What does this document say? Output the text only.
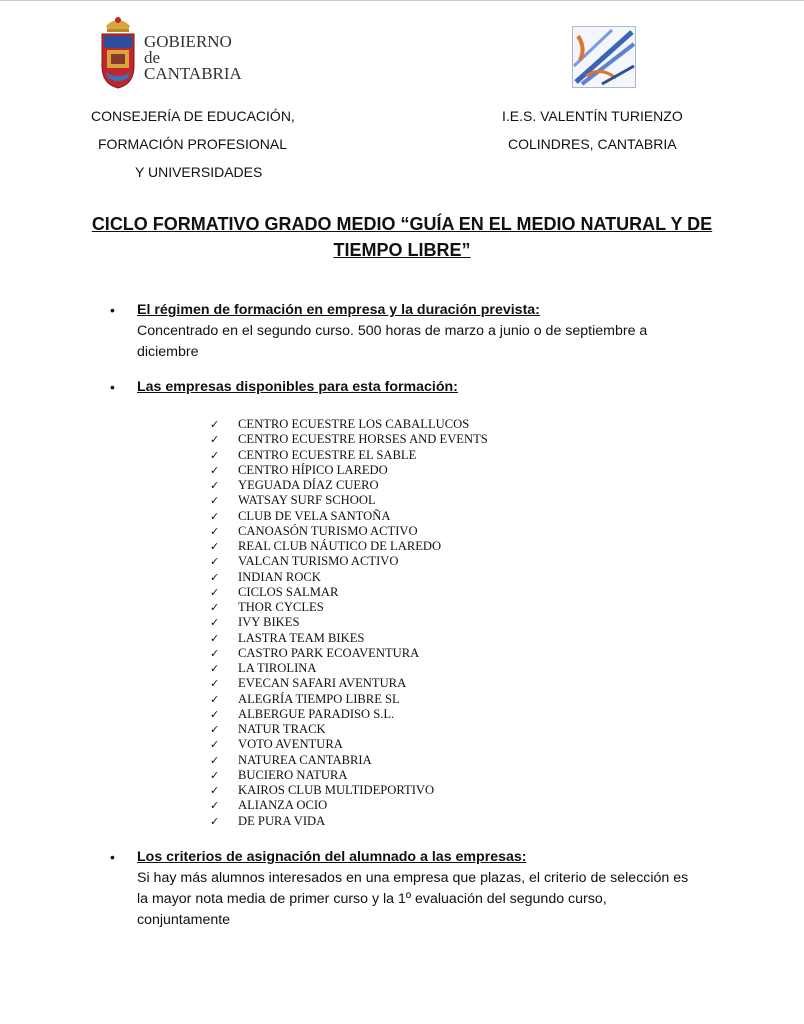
GOBIERNO
de
CANTABRIA
CONSEJERÍA DE EDUCACIÓN,
FORMACIÓN PROFESIONAL
Y UNIVERSIDADES
I.E.S. VALENTÍN TURIENZO
COLINDRES, CANTABRIA
CICLO FORMATIVO GRADO MEDIO “GUÍA EN EL MEDIO NATURAL Y DE
TIEMPO LIBRE”
• El régimen de formación en empresa y la duración prevista:
Concentrado en el segundo curso. 500 horas de marzo a junio o de septiembre a diciembre
• Las empresas disponibles para esta formación:
✓ CENTRO ECUESTRE LOS CABALLUCOS
✓ CENTRO ECUESTRE HORSES AND EVENTS
✓ CENTRO ECUESTRE EL SABLE
✓ CENTRO HÍPICO LAREDO
✓ YEGUADA DÍAZ CUERO
✓ WATSAY SURF SCHOOL
✓ CLUB DE VELA SANTOÑA
✓ CANOASÓN TURISMO ACTIVO
✓ REAL CLUB NÁUTICO DE LAREDO
✓ VALCAN TURISMO ACTIVO
✓ INDIAN ROCK
✓ CICLOS SALMAR
✓ THOR CYCLES
✓ IVY BIKES
✓ LASTRA TEAM BIKES
✓ CASTRO PARK ECOAVENTURA
✓ LA TIROLINA
✓ EVECAN SAFARI AVENTURA
✓ ALEGRÍA TIEMPO LIBRE SL
✓ ALBERGUE PARADISO S.L.
✓ NATUR TRACK
✓ VOTO AVENTURA
✓ NATUREA CANTABRIA
✓ BUCIERO NATURA
✓ KAIROS CLUB MULTIDEPORTIVO
✓ ALIANZA OCIO
✓ DE PURA VIDA
• Los criterios de asignación del alumnado a las empresas:
Si hay más alumnos interesados en una empresa que plazas, el criterio de selección es la mayor nota media de primer curso y la 1º evaluación del segundo curso, conjuntamente
